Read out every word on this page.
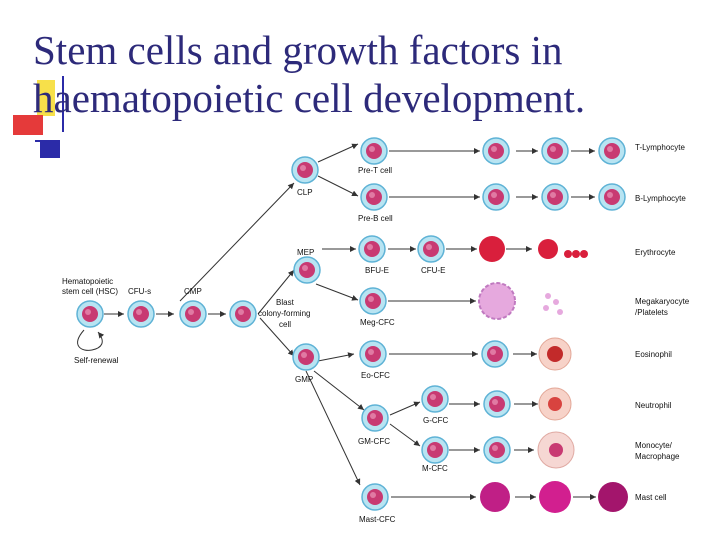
Stem cells and growth factors in
haematopoietic cell development.
Hematopoietic
stem cell (HSC)
Self-renewal
CFU-s	CMP
Blast
colony-forming
cell
CLP
Pre-T cell
Pre-B cell
MEP
BFU-E	CFU-E
Meg-CFC
Eo-CFC
GMP
GM-CFC
G-CFC
M-CFC
Mast-CFC
T-Lymphocyte
B-Lymphocyte
Erythrocyte
Megakaryocyte
/Platelets
Eosinophil
Neutrophil
Monocyte/
Macrophage
Mast cell
